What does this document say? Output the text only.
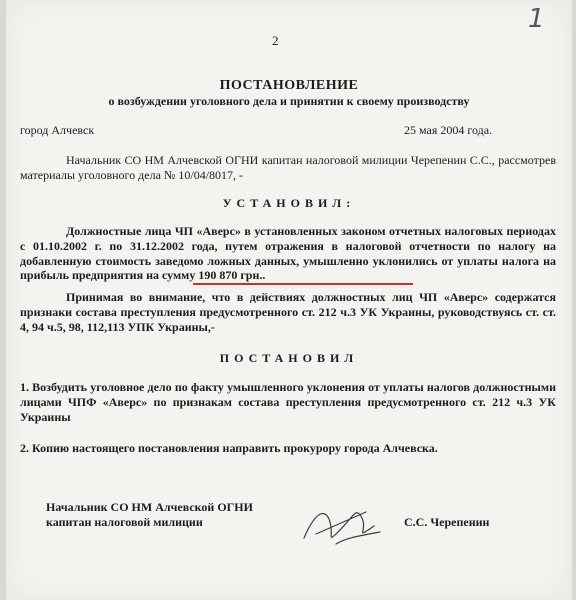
1
2
ПОСТАНОВЛЕНИЕ
о возбуждении уголовного дела и принятии к своему производству
город Алчевск	25 мая 2004 года.
Начальник СО НМ Алчевской ОГНИ капитан налоговой милиции Черепенин С.С., рассмотрев материалы уголовного дела № 10/04/8017, -
УСТАНОВИЛ:
Должностные лица ЧП «Аверс» в установленных законом отчетных налоговых периодах с 01.10.2002 г. по 31.12.2002 года, путем отражения в налоговой отчетности по налогу на добавленную стоимость заведомо ложных данных, умышленно уклонились от уплаты налога на прибыль предприятия на сумму 190 870 грн..
Принимая во внимание, что в действиях должностных лиц ЧП «Аверс» содержатся признаки состава преступления предусмотренного ст. 212 ч.3 УК Украины, руководствуясь ст. ст. 4, 94 ч.5, 98, 112,113 УПК Украины,-
ПОСТАНОВИЛ
1. Возбудить уголовное дело по факту умышленного уклонения от уплаты налогов должностными лицами ЧПФ «Аверс» по признакам состава преступления предусмотренного ст. 212 ч.3 УК Украины
2. Копию настоящего постановления направить прокурору города Алчевска.
Начальник СО НМ Алчевской ОГНИ
капитан налоговой милиции	С.С. Черепенин
